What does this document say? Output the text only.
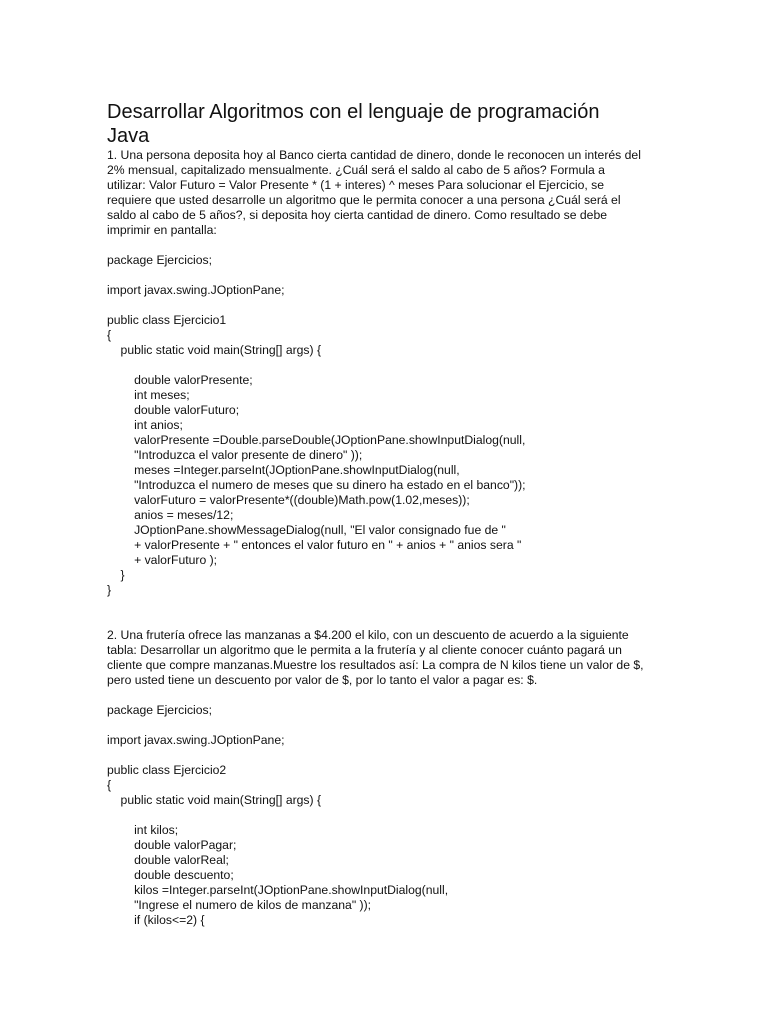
Desarrollar Algoritmos con el lenguaje de programación
Java

1. Una persona deposita hoy al Banco cierta cantidad de dinero, donde le reconocen un interés del
2% mensual, capitalizado mensualmente. ¿Cuál será el saldo al cabo de 5 años? Formula a
utilizar: Valor Futuro = Valor Presente * (1 + interes) ^ meses Para solucionar el Ejercicio, se
requiere que usted desarrolle un algoritmo que le permita conocer a una persona ¿Cuál será el
saldo al cabo de 5 años?, si deposita hoy cierta cantidad de dinero. Como resultado se debe
imprimir en pantalla:

package Ejercicios;

import javax.swing.JOptionPane;

public class Ejercicio1
{
public static void main(String[] args) {

double valorPresente;
int meses;
double valorFuturo;
int anios;
valorPresente =Double.parseDouble(JOptionPane.showInputDialog(null,
"Introduzca el valor presente de dinero" ));
meses =Integer.parseInt(JOptionPane.showInputDialog(null,
"Introduzca el numero de meses que su dinero ha estado en el banco"));
valorFuturo = valorPresente*((double)Math.pow(1.02,meses));
anios = meses/12;
JOptionPane.showMessageDialog(null, "El valor consignado fue de "
+ valorPresente + " entonces el valor futuro en " + anios + " anios sera "
+ valorFuturo );
}
}

2. Una frutería ofrece las manzanas a $4.200 el kilo, con un descuento de acuerdo a la siguiente
tabla: Desarrollar un algoritmo que le permita a la frutería y al cliente conocer cuánto pagará un
cliente que compre manzanas.Muestre los resultados así: La compra de N kilos tiene un valor de $,
pero usted tiene un descuento por valor de $, por lo tanto el valor a pagar es: $.

package Ejercicios;

import javax.swing.JOptionPane;

public class Ejercicio2
{
public static void main(String[] args) {

int kilos;
double valorPagar;
double valorReal;
double descuento;
kilos =Integer.parseInt(JOptionPane.showInputDialog(null,
"Ingrese el numero de kilos de manzana" ));
if (kilos<=2) {
